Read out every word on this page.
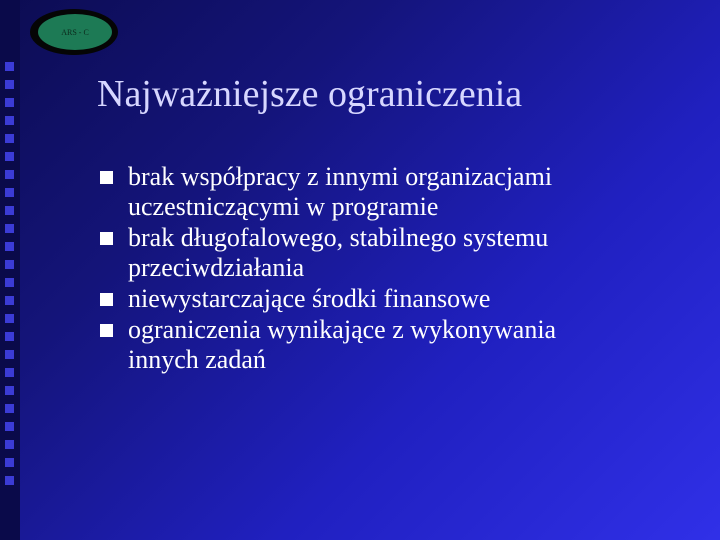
ARS - C
Najważniejsze ograniczenia
brak współpracy z innymi organizacjami
uczestniczącymi w programie
brak długofalowego, stabilnego systemu
przeciwdziałania
niewystarczające środki finansowe
ograniczenia wynikające z wykonywania
innych zadań
